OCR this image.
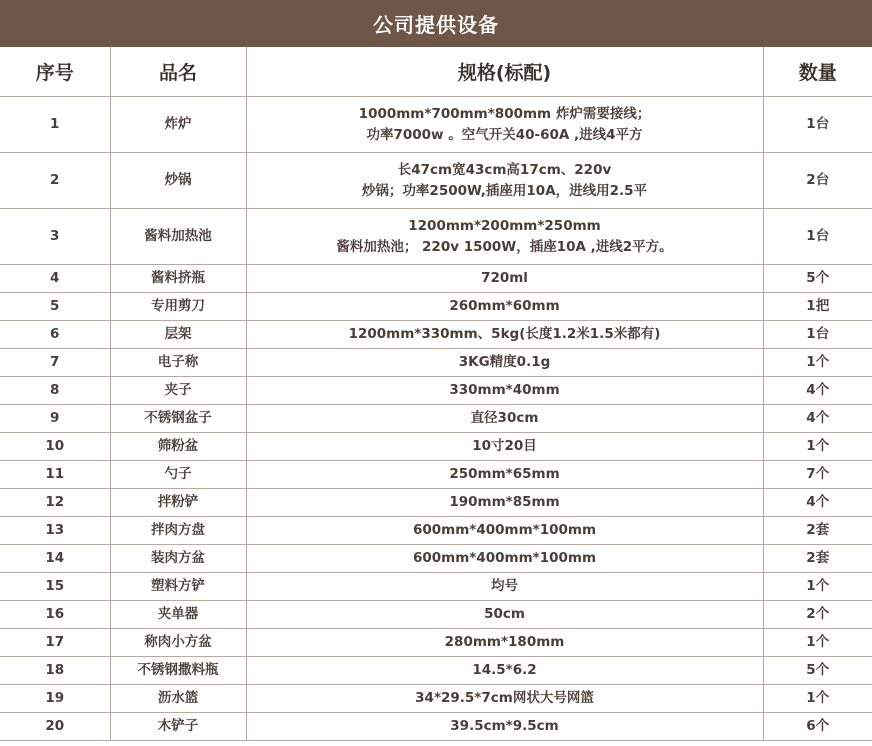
公司提供设备
序号	品名	规格(标配)	数量
1	炸炉	1000mm*700mm*800mm 炸炉需要接线；
功率7000w 。空气开关40-60A ,进线4平方	1台
2	炒锅	长47cm宽43cm高17cm、220v
炒锅；功率2500W,插座用10A，进线用2.5平	2台
3	酱料加热池	1200mm*200mm*250mm
酱料加热池； 220v 1500W，插座10A ,进线2平方。	1台
4	酱料挤瓶	720ml	5个
5	专用剪刀	260mm*60mm	1把
6	层架	1200mm*330mm、5kg(长度1.2米1.5米都有)	1台
7	电子称	3KG精度0.1g	1个
8	夹子	330mm*40mm	4个
9	不锈钢盆子	直径30cm	4个
10	筛粉盆	10寸20目	1个
11	勺子	250mm*65mm	7个
12	拌粉铲	190mm*85mm	4个
13	拌肉方盘	600mm*400mm*100mm	2套
14	装肉方盆	600mm*400mm*100mm	2套
15	塑料方铲	均号	1个
16	夹单器	50cm	2个
17	称肉小方盆	280mm*180mm	1个
18	不锈钢撒料瓶	14.5*6.2	5个
19	沥水篮	34*29.5*7cm网状大号网篮	1个
20	木铲子	39.5cm*9.5cm	6个
